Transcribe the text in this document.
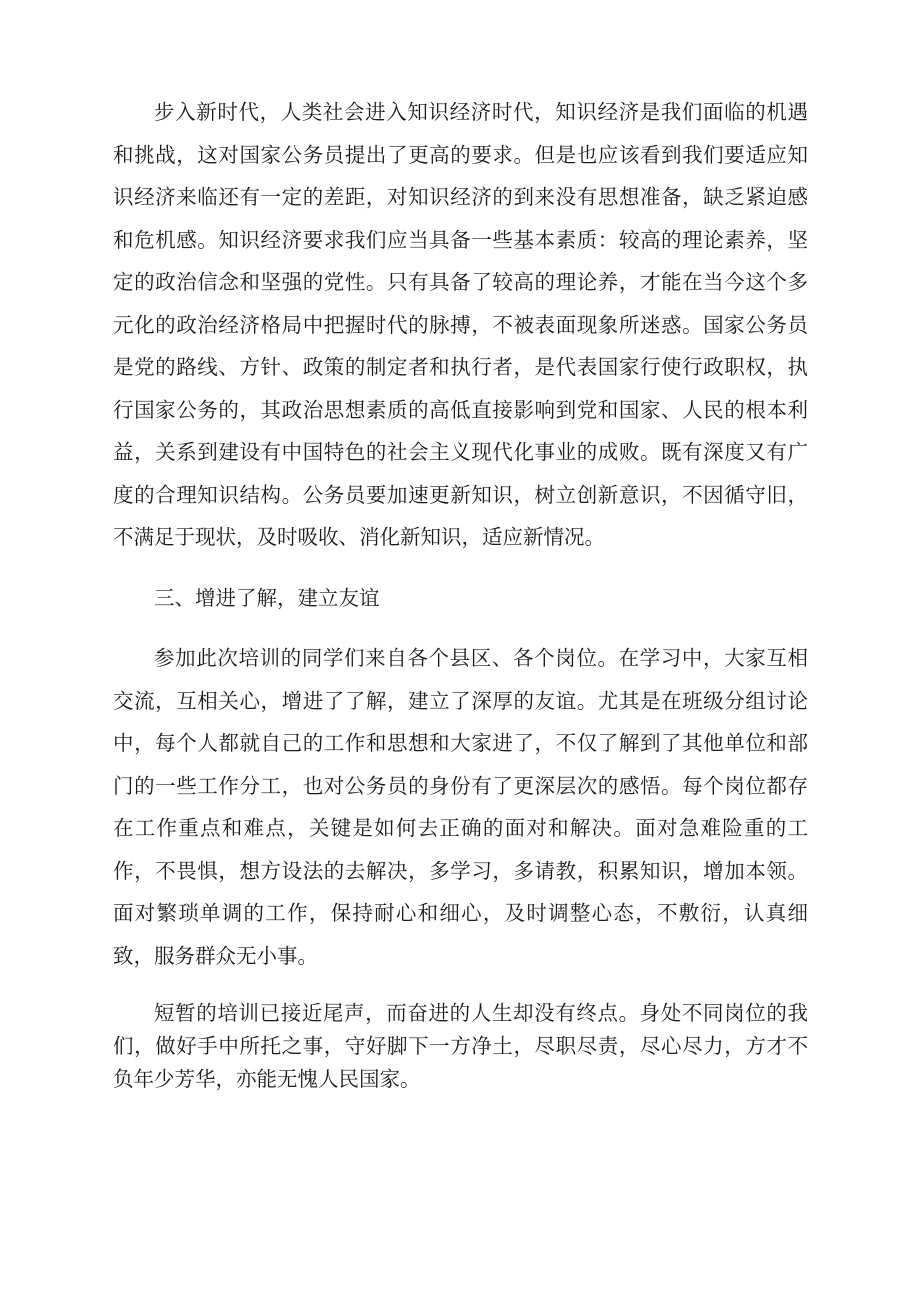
步入新时代，人类社会进入知识经济时代，知识经济是我们面临的机遇和挑战，这对国家公务员提出了更高的要求。但是也应该看到我们要适应知识经济来临还有一定的差距，对知识经济的到来没有思想准备，缺乏紧迫感和危机感。知识经济要求我们应当具备一些基本素质：较高的理论素养，坚定的政治信念和坚强的党性。只有具备了较高的理论养，才能在当今这个多元化的政治经济格局中把握时代的脉搏，不被表面现象所迷惑。国家公务员是党的路线、方针、政策的制定者和执行者，是代表国家行使行政职权，执行国家公务的，其政治思想素质的高低直接影响到党和国家、人民的根本利益，关系到建设有中国特色的社会主义现代化事业的成败。既有深度又有广度的合理知识结构。公务员要加速更新知识，树立创新意识，不因循守旧，不满足于现状，及时吸收、消化新知识，适应新情况。

三、增进了解，建立友谊

参加此次培训的同学们来自各个县区、各个岗位。在学习中，大家互相交流，互相关心，增进了了解，建立了深厚的友谊。尤其是在班级分组讨论中，每个人都就自己的工作和思想和大家进了，不仅了解到了其他单位和部门的一些工作分工，也对公务员的身份有了更深层次的感悟。每个岗位都存在工作重点和难点，关键是如何去正确的面对和解决。面对急难险重的工作，不畏惧，想方设法的去解决，多学习，多请教，积累知识，增加本领。面对繁琐单调的工作，保持耐心和细心，及时调整心态，不敷衍，认真细致，服务群众无小事。

短暂的培训已接近尾声，而奋进的人生却没有终点。身处不同岗位的我们，做好手中所托之事，守好脚下一方净土，尽职尽责，尽心尽力，方才不负年少芳华，亦能无愧人民国家。
